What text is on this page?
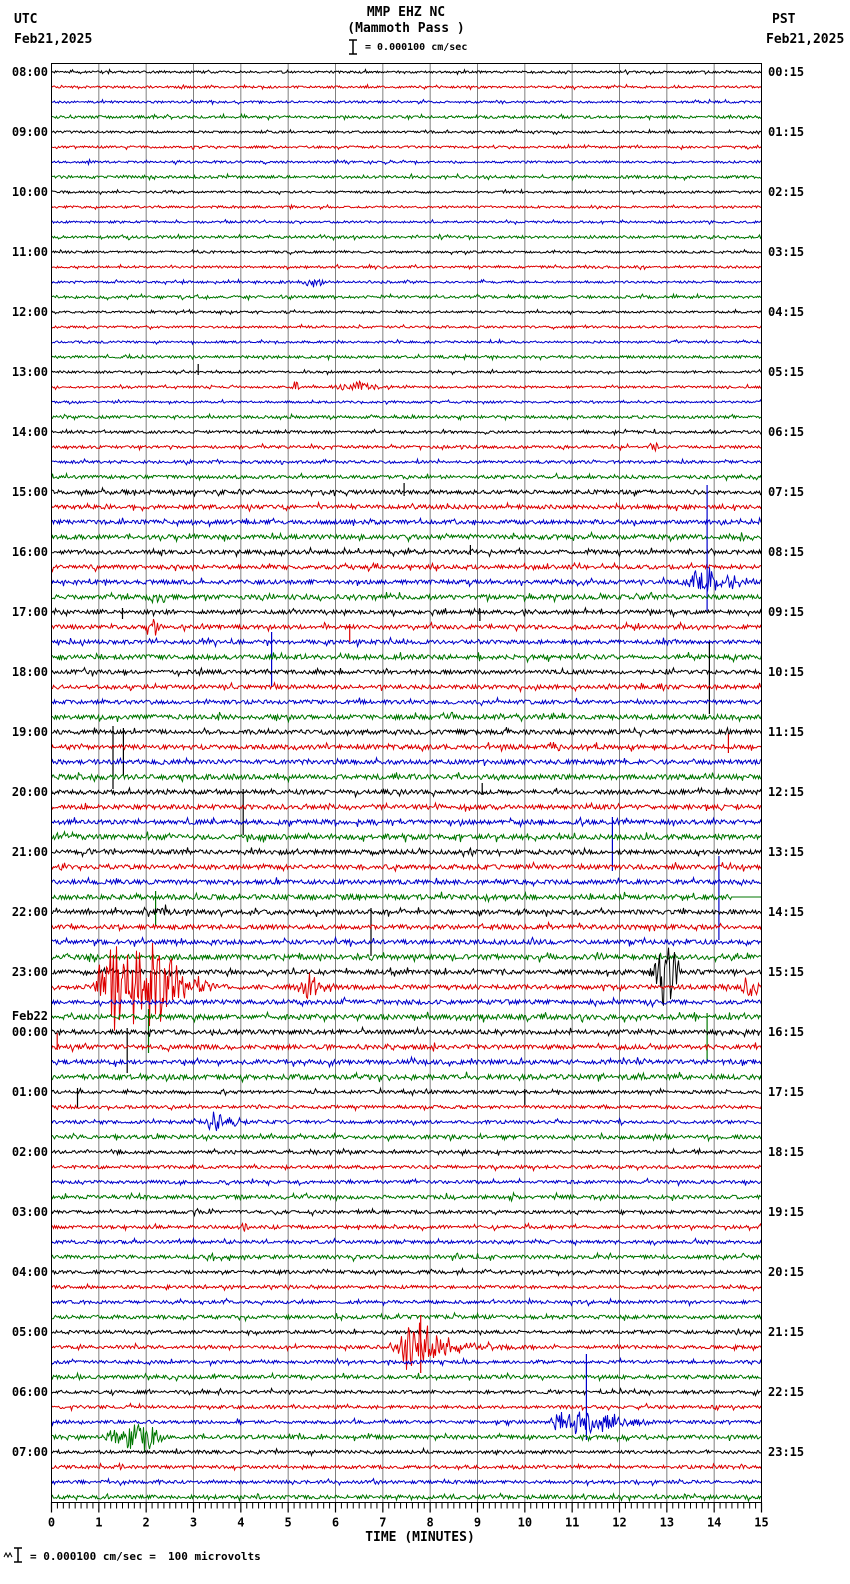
MMP EHZ NC
(Mammoth Pass )
= 0.000100 cm/sec
UTC
Feb21,2025
PST
Feb21,2025
08:00	00:15
09:00	01:15
10:00	02:15
11:00	03:15
12:00	04:15
13:00	05:15
14:00	06:15
15:00	07:15
16:00	08:15
17:00	09:15
18:00	10:15
19:00	11:15
20:00	12:15
21:00	13:15
22:00	14:15
23:00	15:15
Feb22
00:00	16:15
01:00	17:15
02:00	18:15
03:00	19:15
04:00	20:15
05:00	21:15
06:00	22:15
07:00	23:15
0	1	2	3	4	5	6	7	8	9	10	11	12	13	14	15
TIME (MINUTES)
= 0.000100 cm/sec = 100 microvolts
